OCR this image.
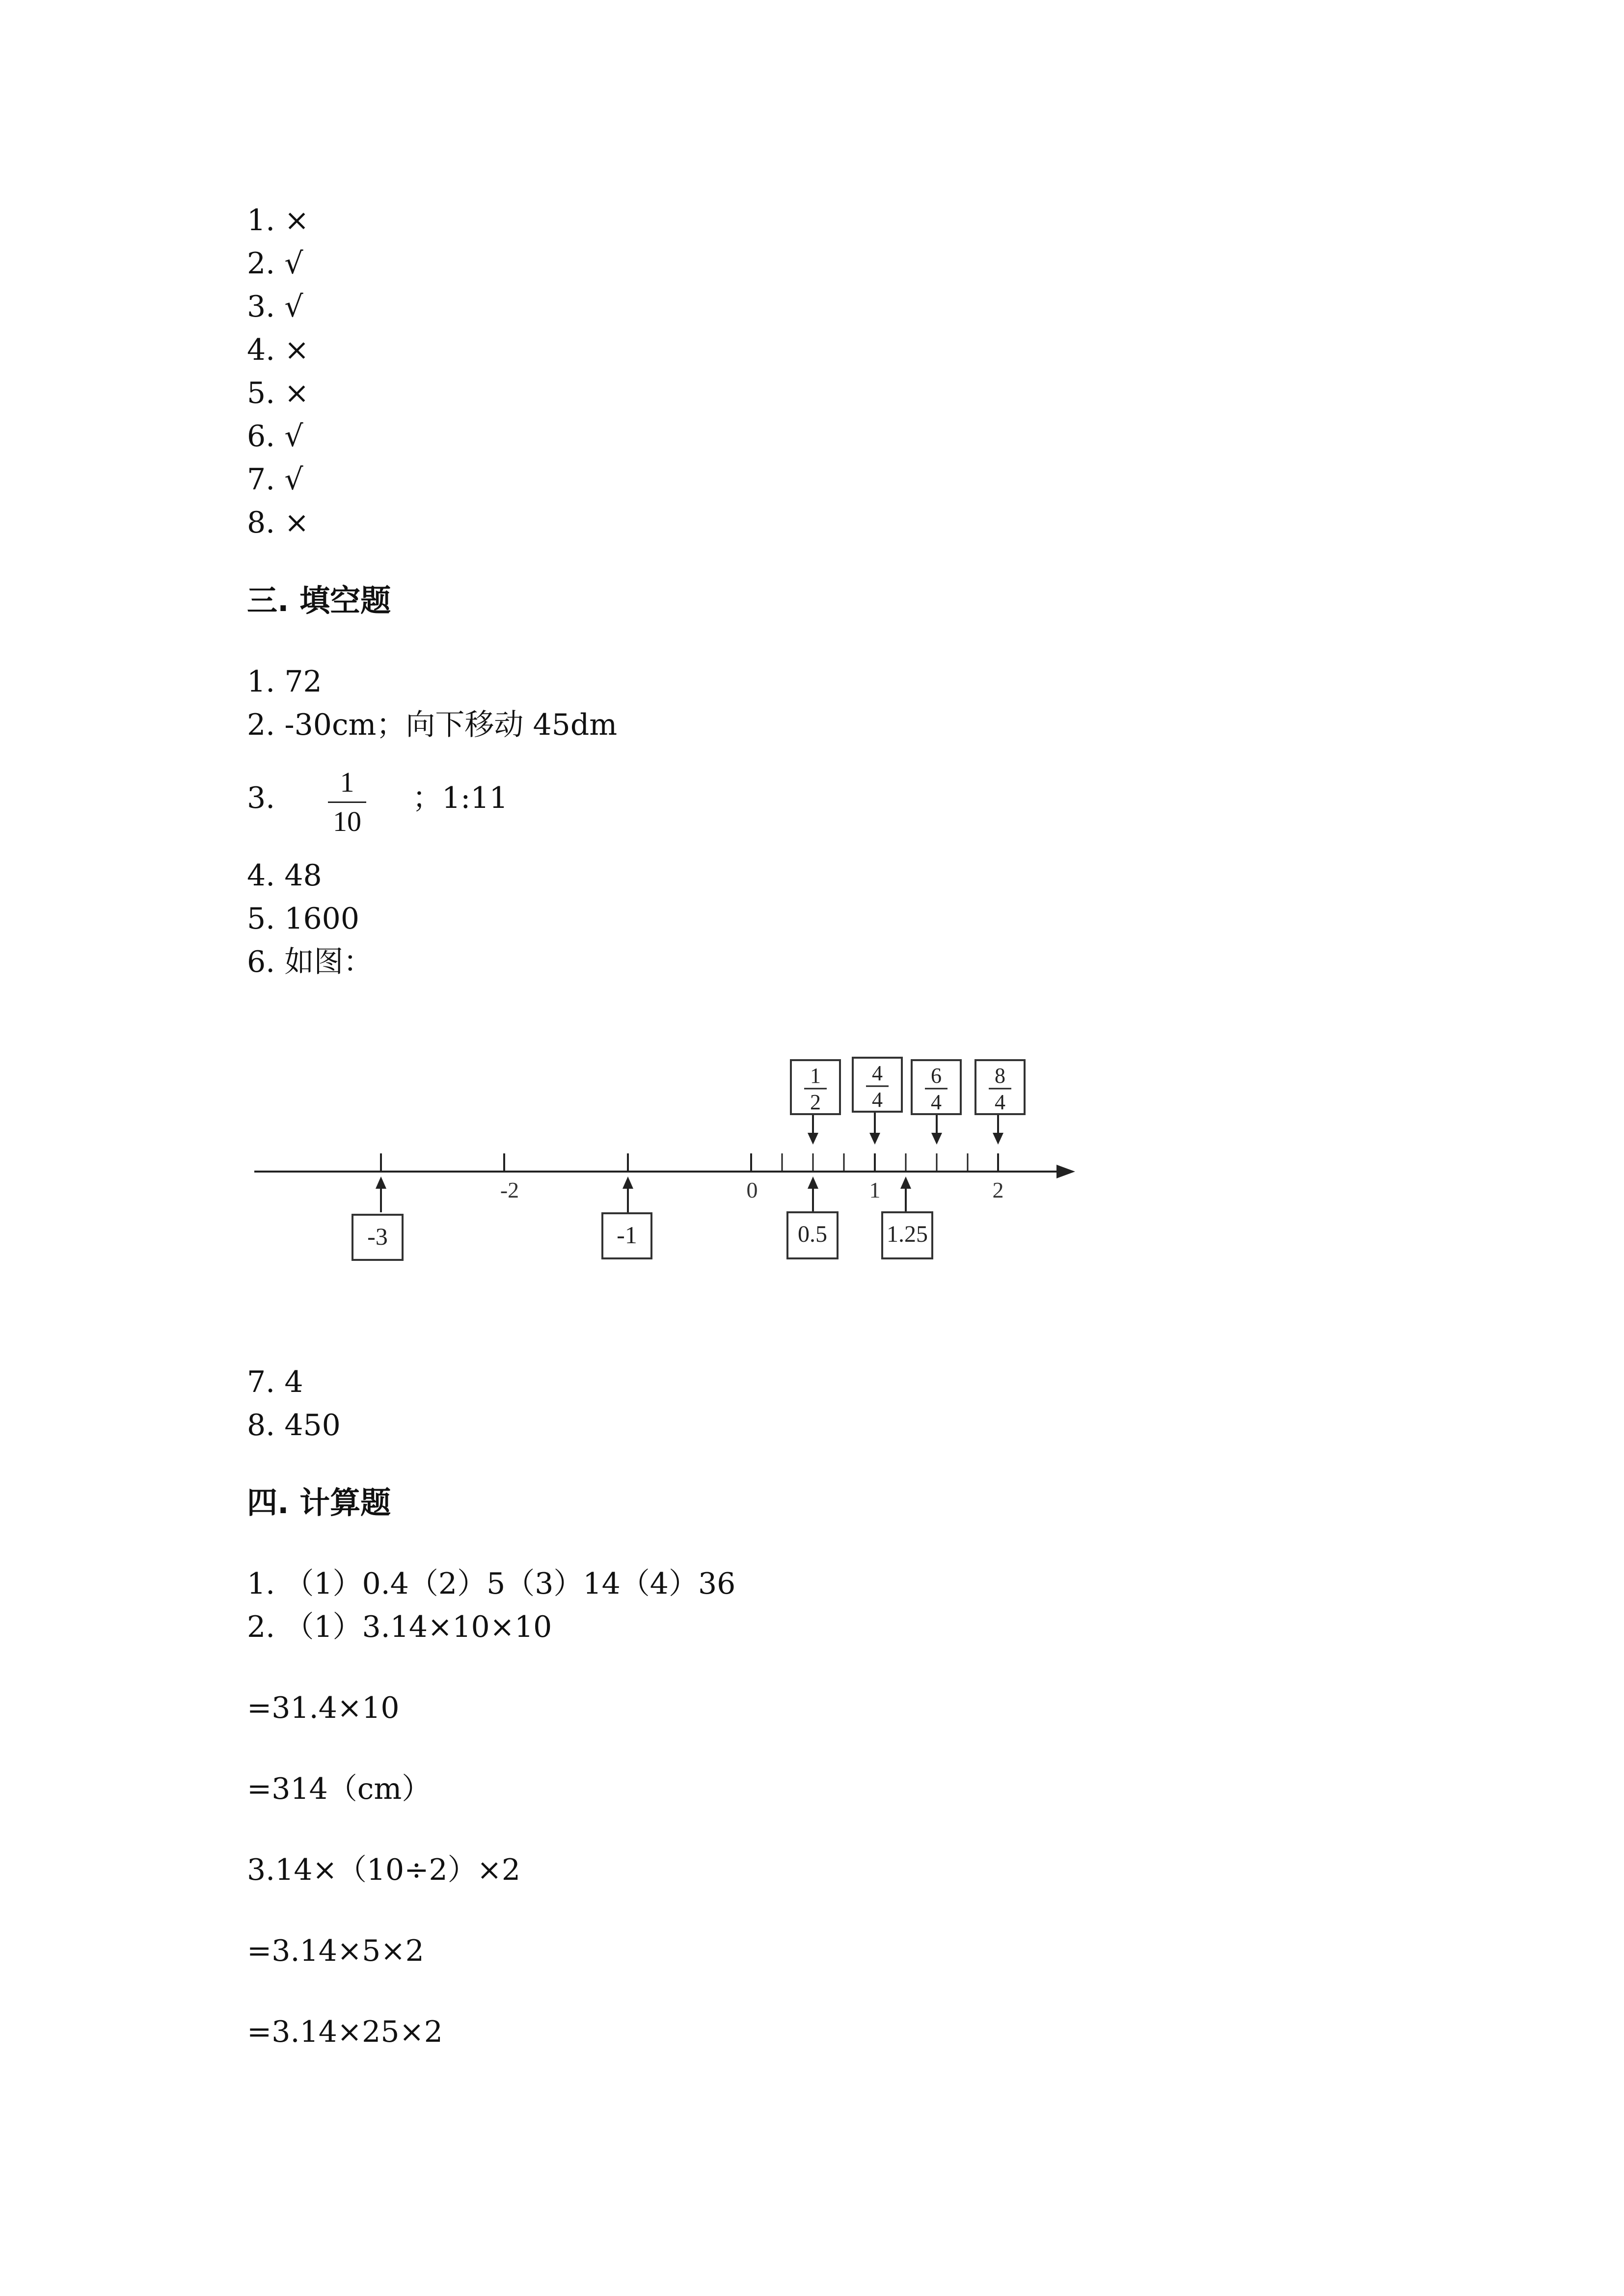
1. ×
2. √
3. √
4. ×
5. ×
6. √
7. √
8. ×
三. 填空题
1. 72
2. -30cm；向下移动 45dm
3.	1
10
；1:11
4. 48
5. 1600
6. 如图：
-2	0	1	2
-3	-1	0.5	1.25
1
2
4
4
6
4
8
4
7. 4
8. 450
四. 计算题
1. （1）0.4（2）5（3）14（4）36
2. （1）3.14×10×10
=31.4×10
=314（cm）
3.14×（10÷2）×2
=3.14×5×2
=3.14×25×2
